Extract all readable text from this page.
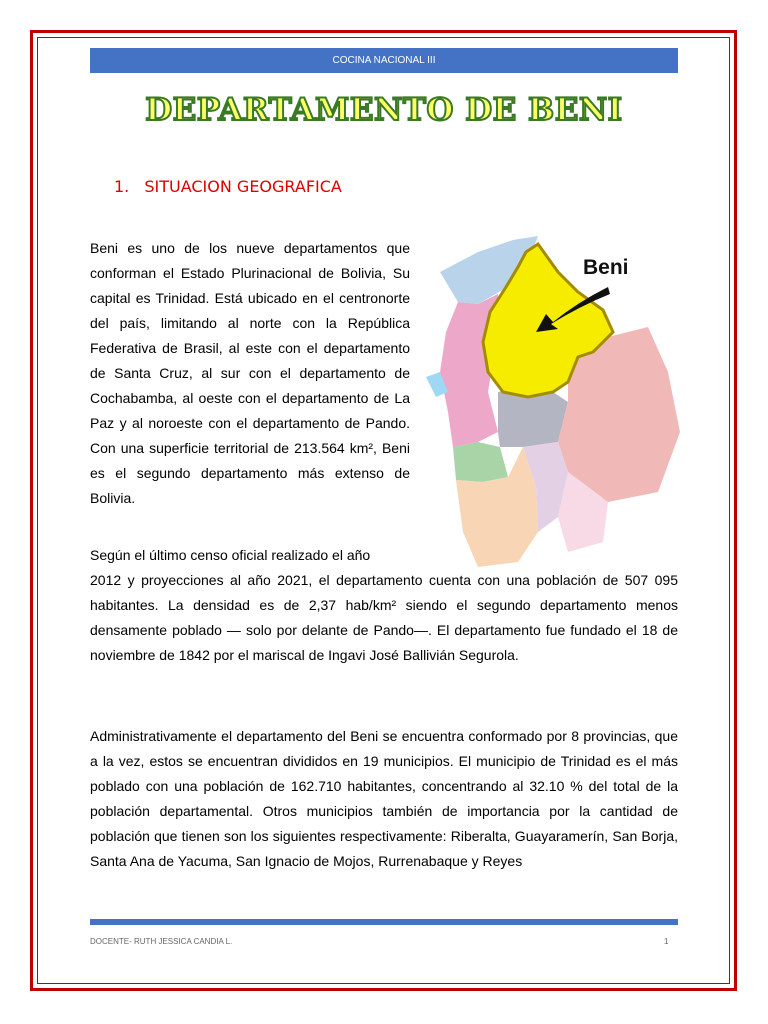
COCINA NACIONAL III
DEPARTAMENTO DE BENI
1. SITUACION GEOGRAFICA
Beni es uno de los nueve departamentos que conforman el Estado Plurinacional de Bolivia, Su capital es Trinidad. Está ubicado en el centronorte del país, limitando al norte con la República Federativa de Brasil, al este con el departamento de Santa Cruz, al sur con el departamento de Cochabamba, al oeste con el departamento de La Paz y al noroeste con el departamento de Pando. Con una superficie territorial de 213.564 km², Beni es el segundo departamento más extenso de Bolivia.
Beni
Según el último censo oficial realizado el año
2012 y proyecciones al año 2021, el departamento cuenta con una población de 507 095 habitantes. La densidad es de 2,37 hab/km² siendo el segundo departamento menos densamente poblado — solo por delante de Pando—. El departamento fue fundado el 18 de noviembre de 1842 por el mariscal de Ingavi José Ballivián Segurola.
Administrativamente el departamento del Beni se encuentra conformado por 8 provincias, que a la vez, estos se encuentran divididos en 19 municipios. El municipio de Trinidad es el más poblado con una población de 162.710 habitantes, concentrando al 32.10 % del total de la población departamental. Otros municipios también de importancia por la cantidad de población que tienen son los siguientes respectivamente: Riberalta, Guayaramerín, San Borja, Santa Ana de Yacuma, San Ignacio de Mojos, Rurrenabaque y Reyes
DOCENTE- RUTH JESSICA CANDIA L.	1
